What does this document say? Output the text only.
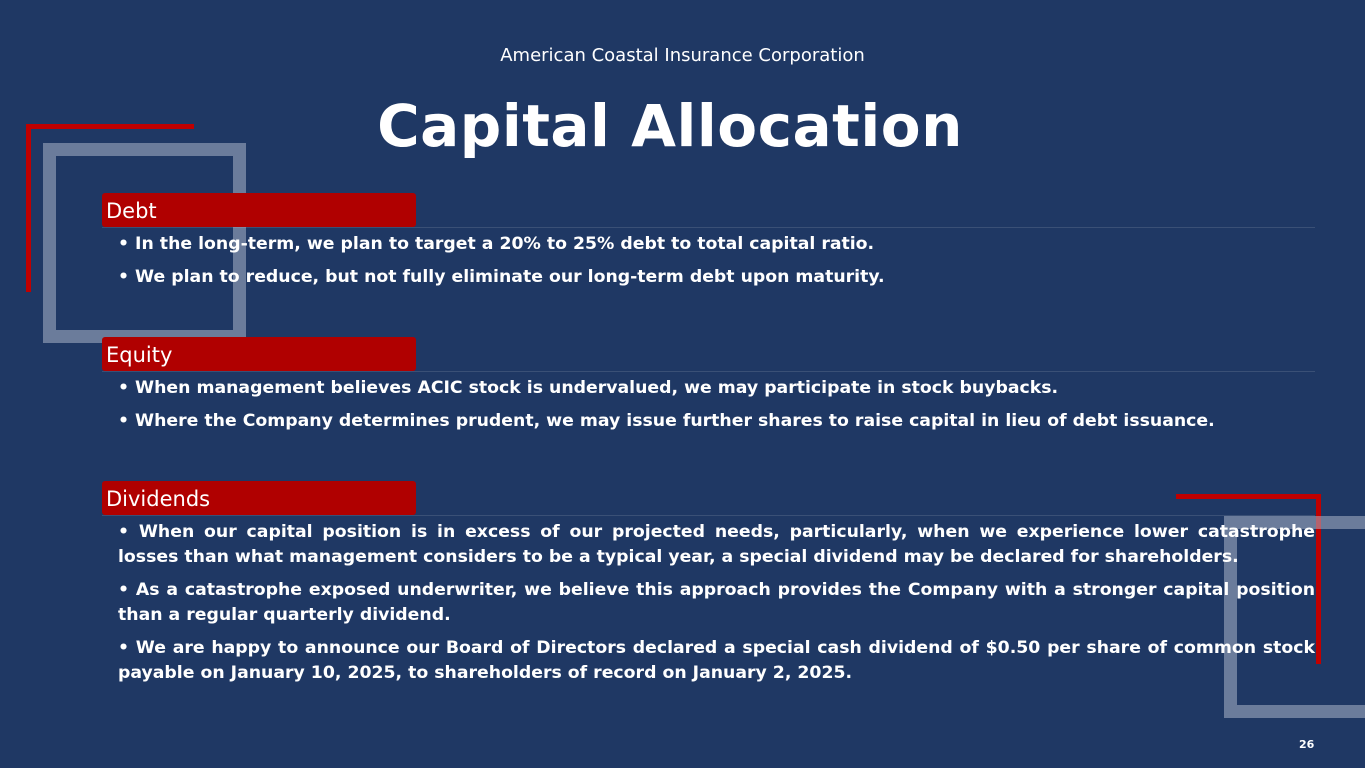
American Coastal Insurance Corporation
Capital Allocation
Debt
• In the long-term, we plan to target a 20% to 25% debt to total capital ratio.
• We plan to reduce, but not fully eliminate our long-term debt upon maturity.
Equity
• When management believes ACIC stock is undervalued, we may participate in stock buybacks.
• Where the Company determines prudent, we may issue further shares to raise capital in lieu of debt issuance.
Dividends
• When our capital position is in excess of our projected needs, particularly, when we experience lower catastrophe losses than what management considers to be a typical year, a special dividend may be declared for shareholders.
• As a catastrophe exposed underwriter, we believe this approach provides the Company with a stronger capital position than a regular quarterly dividend.
• We are happy to announce our Board of Directors declared a special cash dividend of $0.50 per share of common stock payable on January 10, 2025, to shareholders of record on January 2, 2025.
26
